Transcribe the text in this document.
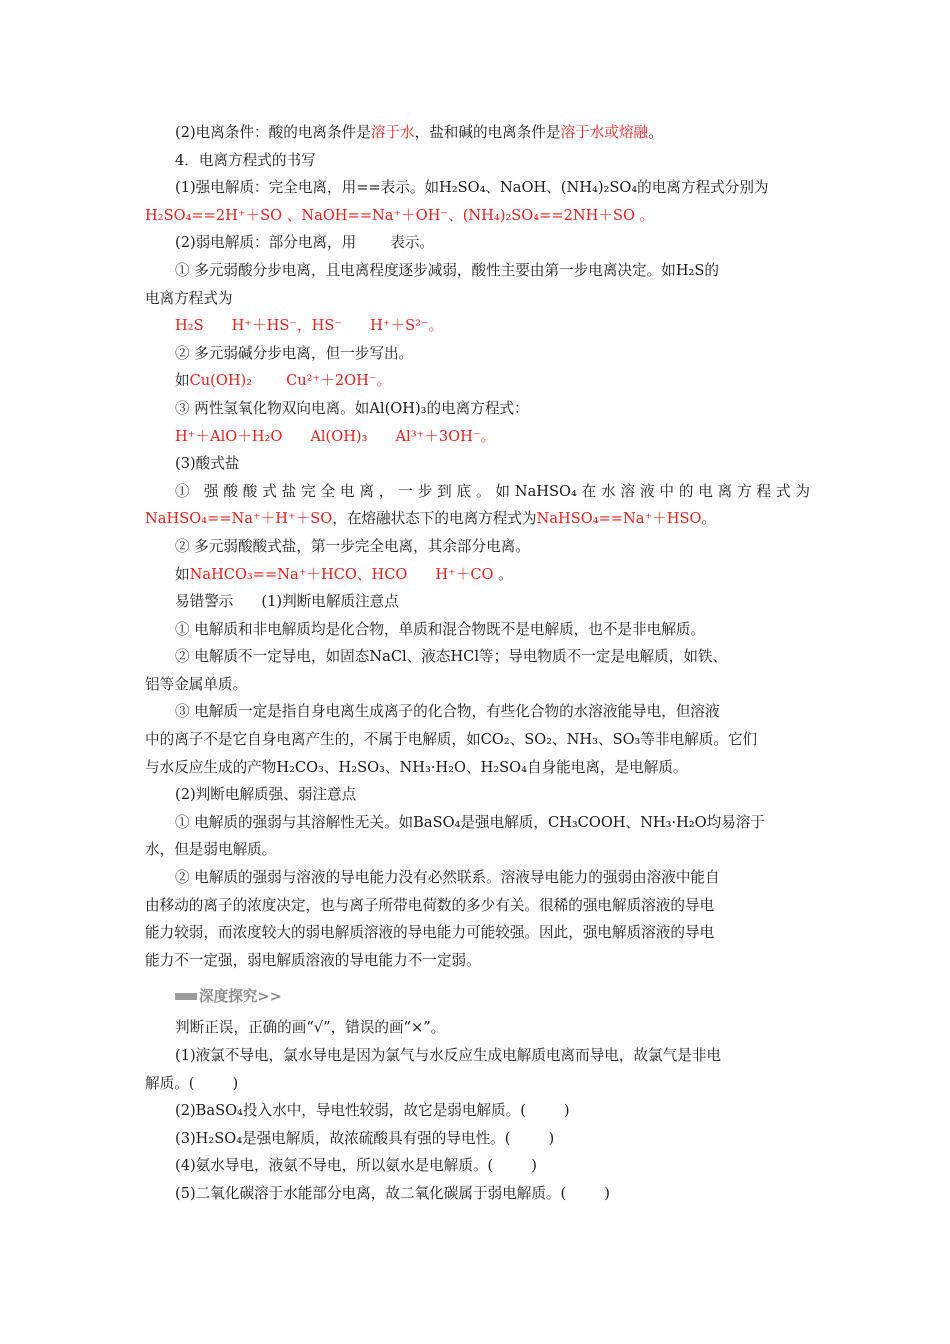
(2)电离条件：酸的电离条件是溶于水，盐和碱的电离条件是溶于水或熔融。
4．电离方程式的书写
(1)强电解质：完全电离，用==表示。如H₂SO₄、NaOH、(NH₄)₂SO₄的电离方程式分别为
H₂SO₄==2H⁺＋SO 、NaOH==Na⁺＋OH⁻、(NH₄)₂SO₄==2NH＋SO 。
(2)弱电解质：部分电离，用 表示。
① 多元弱酸分步电离，且电离程度逐步减弱，酸性主要由第一步电离决定。如H₂S的
电离方程式为
H₂S H⁺＋HS⁻，HS⁻ H⁺＋S²⁻。
② 多元弱碱分步电离，但一步写出。
如Cu(OH)₂ Cu²⁺＋2OH⁻。
③ 两性氢氧化物双向电离。如Al(OH)₃的电离方程式：
H⁺＋AlO＋H₂O Al(OH)₃ Al³⁺＋3OH⁻。
(3)酸式盐
① 强酸酸式盐完全电离，一步到底。如NaHSO₄在水溶液中的电离方程式为
NaHSO₄==Na⁺＋H⁺＋SO，在熔融状态下的电离方程式为NaHSO₄==Na⁺＋HSO。
② 多元弱酸酸式盐，第一步完全电离，其余部分电离。
如NaHCO₃==Na⁺＋HCO、HCO H⁺＋CO 。
易错警示 (1)判断电解质注意点
① 电解质和非电解质均是化合物，单质和混合物既不是电解质，也不是非电解质。
② 电解质不一定导电，如固态NaCl、液态HCl等；导电物质不一定是电解质，如铁、
铝等金属单质。
③ 电解质一定是指自身电离生成离子的化合物，有些化合物的水溶液能导电，但溶液
中的离子不是它自身电离产生的，不属于电解质，如CO₂、SO₂、NH₃、SO₃等非电解质。它们
与水反应生成的产物H₂CO₃、H₂SO₃、NH₃·H₂O、H₂SO₄自身能电离，是电解质。
(2)判断电解质强、弱注意点
① 电解质的强弱与其溶解性无关。如BaSO₄是强电解质，CH₃COOH、NH₃·H₂O均易溶于
水，但是弱电解质。
② 电解质的强弱与溶液的导电能力没有必然联系。溶液导电能力的强弱由溶液中能自
由移动的离子的浓度决定，也与离子所带电荷数的多少有关。很稀的强电解质溶液的导电
能力较弱，而浓度较大的弱电解质溶液的导电能力可能较强。因此，强电解质溶液的导电
能力不一定强，弱电解质溶液的导电能力不一定弱。
深度探究>>
判断正误，正确的画“√”，错误的画“×”。
(1)液氯不导电，氯水导电是因为氯气与水反应生成电解质电离而导电，故氯气是非电
解质。(	)
(2)BaSO₄投入水中，导电性较弱，故它是弱电解质。(	)
(3)H₂SO₄是强电解质，故浓硫酸具有强的导电性。(	)
(4)氨水导电，液氨不导电，所以氨水是电解质。(	)
(5)二氧化碳溶于水能部分电离，故二氧化碳属于弱电解质。(	)
